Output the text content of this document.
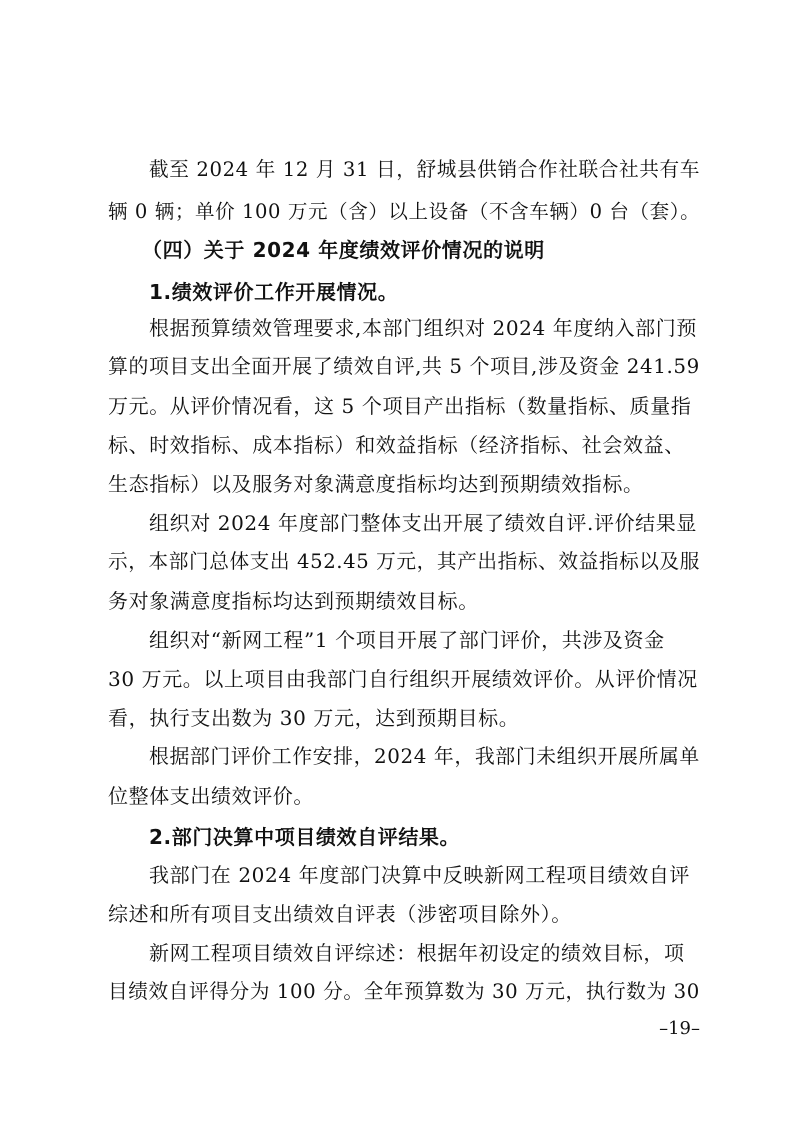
截至 2024 年 12 月 31 日，舒城县供销合作社联合社共有车
辆 0 辆；单价 100 万元（含）以上设备（不含车辆）0 台（套）。
（四）关于 2024 年度绩效评价情况的说明
1.绩效评价工作开展情况。
根据预算绩效管理要求,本部门组织对 2024 年度纳入部门预
算的项目支出全面开展了绩效自评,共 5 个项目,涉及资金 241.59
万元。从评价情况看，这 5 个项目产出指标（数量指标、质量指
标、时效指标、成本指标）和效益指标（经济指标、社会效益、
生态指标）以及服务对象满意度指标均达到预期绩效指标。
组织对 2024 年度部门整体支出开展了绩效自评.评价结果显
示，本部门总体支出 452.45 万元，其产出指标、效益指标以及服
务对象满意度指标均达到预期绩效目标。
组织对“新网工程”1 个项目开展了部门评价，共涉及资金
30 万元。以上项目由我部门自行组织开展绩效评价。从评价情况
看，执行支出数为 30 万元，达到预期目标。
根据部门评价工作安排，2024 年，我部门未组织开展所属单
位整体支出绩效评价。
2.部门决算中项目绩效自评结果。
我部门在 2024 年度部门决算中反映新网工程项目绩效自评
综述和所有项目支出绩效自评表（涉密项目除外）。
新网工程项目绩效自评综述：根据年初设定的绩效目标，项
目绩效自评得分为 100 分。全年预算数为 30 万元，执行数为 30
–19–
